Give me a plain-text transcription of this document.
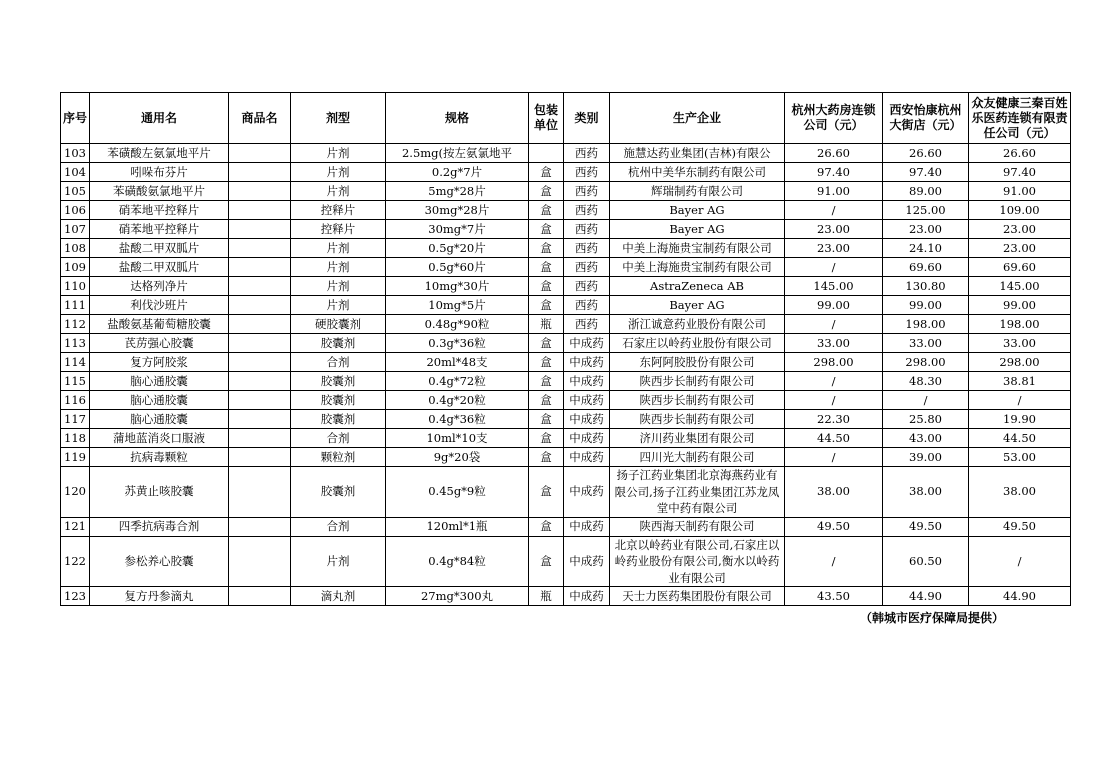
序号	通用名	商品名	剂型	规格	包装单位	类别	生产企业	杭州大药房连锁公司（元）	西安怡康杭州大街店（元）	众友健康三秦百姓乐医药连锁有限责任公司（元）
103	苯磺酸左氨氯地平片		片剂	2.5mg(按左氨氯地平		西药	施慧达药业集团(吉林)有限公	26.60	26.60	26.60
104	吲哚布芬片		片剂	0.2g*7片	盒	西药	杭州中美华东制药有限公司	97.40	97.40	97.40
105	苯磺酸氨氯地平片		片剂	5mg*28片	盒	西药	辉瑞制药有限公司	91.00	89.00	91.00
106	硝苯地平控释片		控释片	30mg*28片	盒	西药	Bayer AG	/	125.00	109.00
107	硝苯地平控释片		控释片	30mg*7片	盒	西药	Bayer AG	23.00	23.00	23.00
108	盐酸二甲双胍片		片剂	0.5g*20片	盒	西药	中美上海施贵宝制药有限公司	23.00	24.10	23.00
109	盐酸二甲双胍片		片剂	0.5g*60片	盒	西药	中美上海施贵宝制药有限公司	/	69.60	69.60
110	达格列净片		片剂	10mg*30片	盒	西药	AstraZeneca AB	145.00	130.80	145.00
111	利伐沙班片		片剂	10mg*5片	盒	西药	Bayer AG	99.00	99.00	99.00
112	盐酸氨基葡萄糖胶囊		硬胶囊剂	0.48g*90粒	瓶	西药	浙江诚意药业股份有限公司	/	198.00	198.00
113	芪苈强心胶囊		胶囊剂	0.3g*36粒	盒	中成药	石家庄以岭药业股份有限公司	33.00	33.00	33.00
114	复方阿胶浆		合剂	20ml*48支	盒	中成药	东阿阿胶股份有限公司	298.00	298.00	298.00
115	脑心通胶囊		胶囊剂	0.4g*72粒	盒	中成药	陕西步长制药有限公司	/	48.30	38.81
116	脑心通胶囊		胶囊剂	0.4g*20粒	盒	中成药	陕西步长制药有限公司	/	/	/
117	脑心通胶囊		胶囊剂	0.4g*36粒	盒	中成药	陕西步长制药有限公司	22.30	25.80	19.90
118	蒲地蓝消炎口服液		合剂	10ml*10支	盒	中成药	济川药业集团有限公司	44.50	43.00	44.50
119	抗病毒颗粒		颗粒剂	9g*20袋	盒	中成药	四川光大制药有限公司	/	39.00	53.00
120	苏黄止咳胶囊		胶囊剂	0.45g*9粒	盒	中成药	扬子江药业集团北京海燕药业有限公司,扬子江药业集团江苏龙凤堂中药有限公司	38.00	38.00	38.00
121	四季抗病毒合剂		合剂	120ml*1瓶	盒	中成药	陕西海天制药有限公司	49.50	49.50	49.50
122	参松养心胶囊		片剂	0.4g*84粒	盒	中成药	北京以岭药业有限公司,石家庄以岭药业股份有限公司,衡水以岭药业有限公司	/	60.50	/
123	复方丹参滴丸		滴丸剂	27mg*300丸	瓶	中成药	天士力医药集团股份有限公司	43.50	44.90	44.90
（韩城市医疗保障局提供）
